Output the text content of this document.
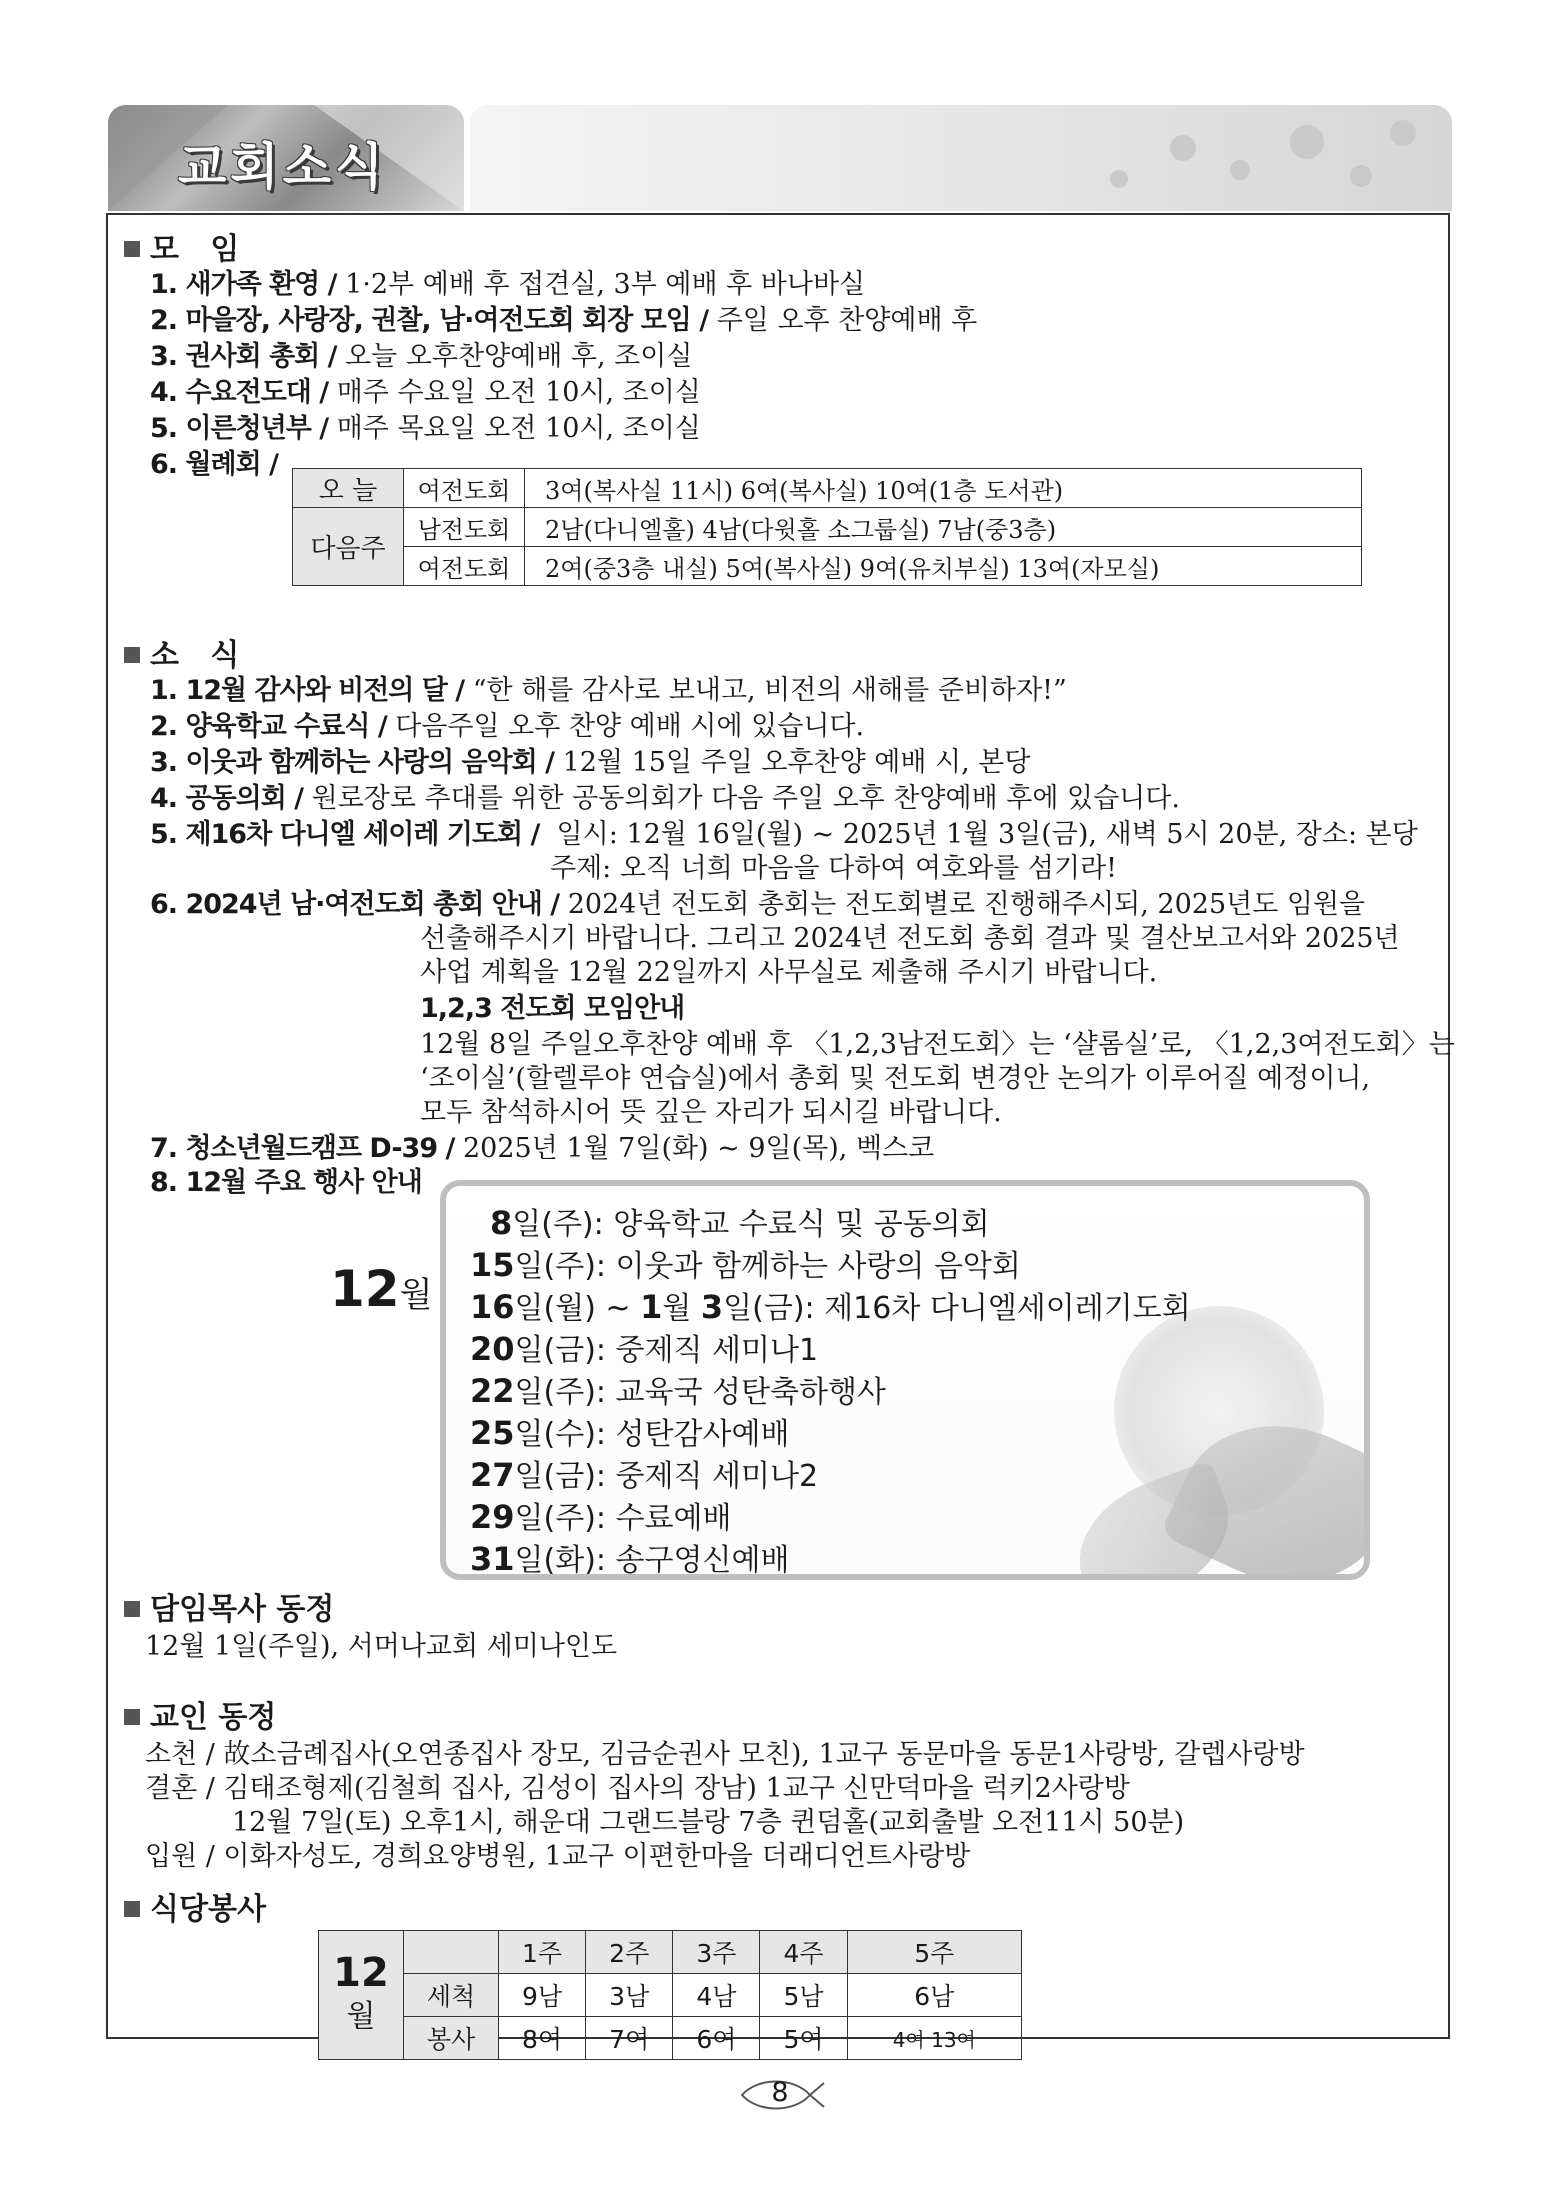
교회소식
모   임
1. 새가족 환영 / 1·2부 예배 후 접견실, 3부 예배 후 바나바실
2. 마을장, 사랑장, 권찰, 남·여전도회 회장 모임 / 주일 오후 찬양예배 후
3. 권사회 총회 / 오늘 오후찬양예배 후, 조이실
4. 수요전도대 / 매주 수요일 오전 10시, 조이실
5. 이른청년부 / 매주 목요일 오전 10시, 조이실
6. 월례회 /
오 늘	여전도회	3여(복사실 11시) 6여(복사실) 10여(1층 도서관)
다음주	남전도회	2남(다니엘홀) 4남(다윗홀 소그룹실) 7남(중3층)
	여전도회	2여(중3층 내실) 5여(복사실) 9여(유치부실) 13여(자모실)
소   식
1. 12월 감사와 비전의 달 / “한 해를 감사로 보내고, 비전의 새해를 준비하자!”
2. 양육학교 수료식 / 다음주일 오후 찬양 예배 시에 있습니다.
3. 이웃과 함께하는 사랑의 음악회 / 12월 15일 주일 오후찬양 예배 시, 본당
4. 공동의회 / 원로장로 추대를 위한 공동의회가 다음 주일 오후 찬양예배 후에 있습니다.
5. 제16차 다니엘 세이레 기도회 /  일시: 12월 16일(월) ~ 2025년 1월 3일(금), 새벽 5시 20분, 장소: 본당
주제: 오직 너희 마음을 다하여 여호와를 섬기라!
6. 2024년 남·여전도회 총회 안내 / 2024년 전도회 총회는 전도회별로 진행해주시되, 2025년도 임원을
선출해주시기 바랍니다. 그리고 2024년 전도회 총회 결과 및 결산보고서와 2025년
사업 계획을 12월 22일까지 사무실로 제출해 주시기 바랍니다.
1,2,3 전도회 모임안내
12월 8일 주일오후찬양 예배 후 〈1,2,3남전도회〉는 ‘샬롬실’로, 〈1,2,3여전도회〉는
‘조이실’(할렐루야 연습실)에서 총회 및 전도회 변경안 논의가 이루어질 예정이니,
모두 참석하시어 뜻 깊은 자리가 되시길 바랍니다.
7. 청소년월드캠프 D-39 / 2025년 1월 7일(화) ~ 9일(목), 벡스코
8. 12월 주요 행사 안내
12월
8일(주): 양육학교 수료식 및 공동의회
15일(주): 이웃과 함께하는 사랑의 음악회
16일(월) ~ 1월 3일(금): 제16차 다니엘세이레기도회
20일(금): 중제직 세미나1
22일(주): 교육국 성탄축하행사
25일(수): 성탄감사예배
27일(금): 중제직 세미나2
29일(주): 수료예배
31일(화): 송구영신예배
담임목사 동정
12월 1일(주일), 서머나교회 세미나인도
교인 동정
소천 / 故소금례집사(오연종집사 장모, 김금순권사 모친), 1교구 동문마을 동문1사랑방, 갈렙사랑방
결혼 / 김태조형제(김철희 집사, 김성이 집사의 장남) 1교구 신만덕마을 럭키2사랑방
12월 7일(토) 오후1시, 해운대 그랜드블랑 7층 퀸덤홀(교회출발 오전11시 50분)
입원 / 이화자성도, 경희요양병원, 1교구 이편한마을 더래디언트사랑방
식당봉사
12
월		1주	2주	3주	4주	5주
	세척	9남	3남	4남	5남	6남
	봉사	8여	7여	6여	5여	4여 13여
8
